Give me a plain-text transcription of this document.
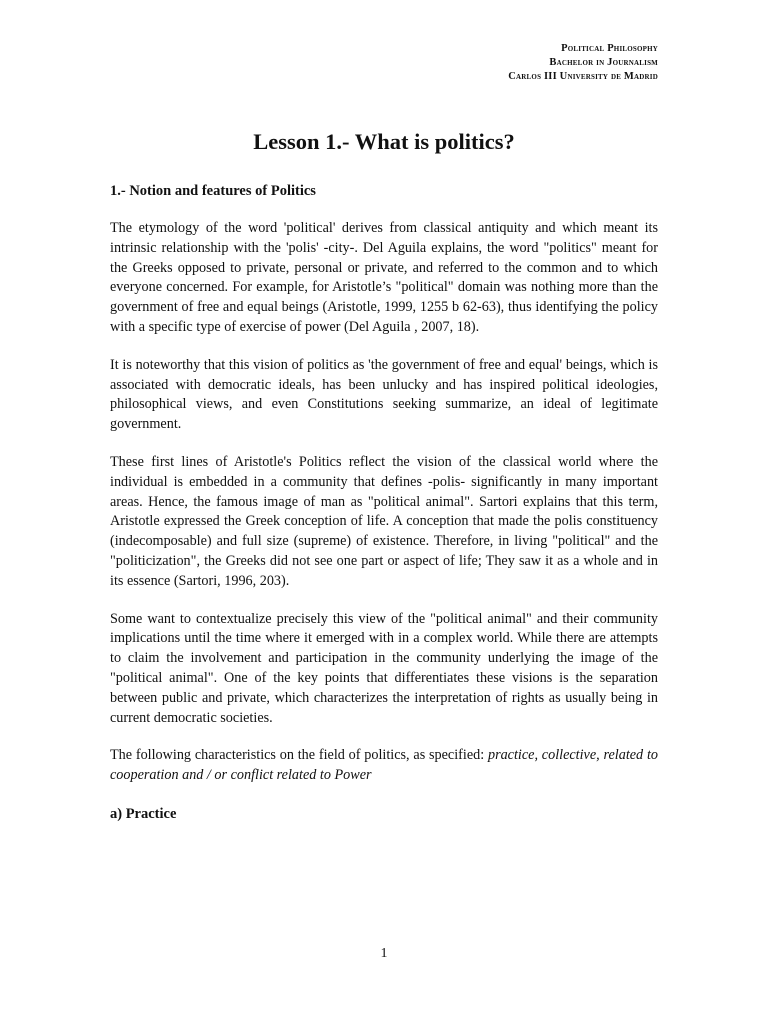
Political Philosophy
Bachelor in Journalism
Carlos III University de Madrid
Lesson 1.- What is politics?
1.- Notion and features of Politics

The etymology of the word 'political' derives from classical antiquity and which meant its intrinsic relationship with the 'polis' -city-. Del Aguila explains, the word "politics" meant for the Greeks opposed to private, personal or private, and referred to the common and to which everyone concerned. For example, for Aristotle’s "political" domain was nothing more than the government of free and equal beings (Aristotle, 1999, 1255 b 62-63), thus identifying the policy with a specific type of exercise of power (Del Aguila , 2007, 18).

It is noteworthy that this vision of politics as 'the government of free and equal' beings, which is associated with democratic ideals, has been unlucky and has inspired political ideologies, philosophical views, and even Constitutions seeking summarize, an ideal of legitimate government.

These first lines of Aristotle's Politics reflect the vision of the classical world where the individual is embedded in a community that defines -polis- significantly in many important areas. Hence, the famous image of man as "political animal". Sartori explains that this term, Aristotle expressed the Greek conception of life. A conception that made the polis constituency (indecomposable) and full size (supreme) of existence. Therefore, in living "political" and the "politicization", the Greeks did not see one part or aspect of life; They saw it as a whole and in its essence (Sartori, 1996, 203).

Some want to contextualize precisely this view of the "political animal" and their community implications until the time where it emerged with in a complex world. While there are attempts to claim the involvement and participation in the community underlying the image of the "political animal". One of the key points that differentiates these visions is the separation between public and private, which characterizes the interpretation of rights as usually being in current democratic societies.

The following characteristics on the field of politics, as specified: practice, collective, related to cooperation and / or conflict related to Power

a) Practice
1
